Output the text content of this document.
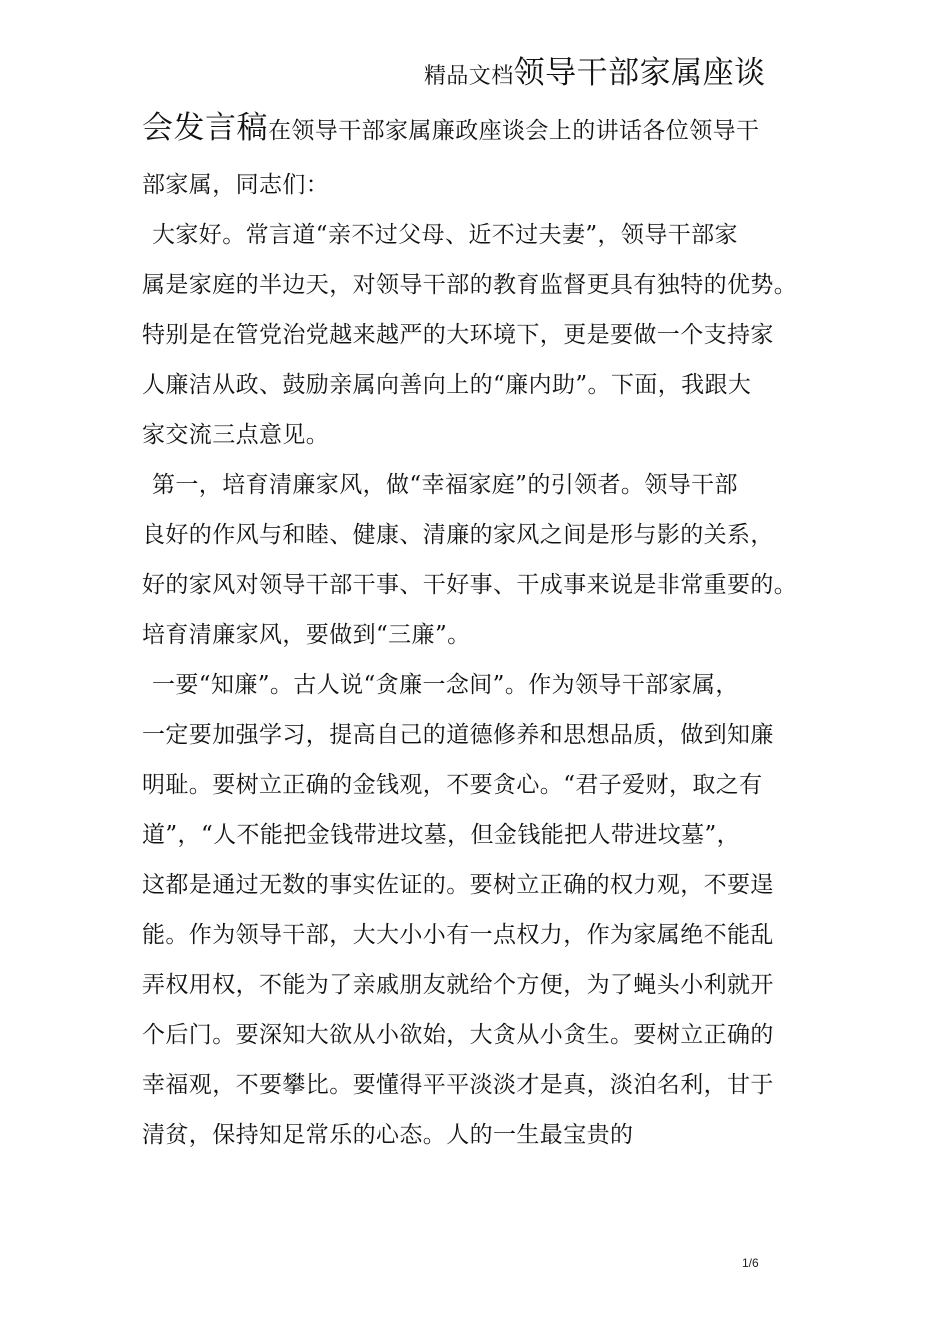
精品文档领导干部家属座谈
会发言稿在领导干部家属廉政座谈会上的讲话各位领导干
部家属，同志们：
大家好。常言道“亲不过父母、近不过夫妻”，领导干部家
属是家庭的半边天，对领导干部的教育监督更具有独特的优势。
特别是在管党治党越来越严的大环境下，更是要做一个支持家
人廉洁从政、鼓励亲属向善向上的“廉内助”。下面，我跟大
家交流三点意见。
第一，培育清廉家风，做“幸福家庭”的引领者。领导干部
良好的作风与和睦、健康、清廉的家风之间是形与影的关系，
好的家风对领导干部干事、干好事、干成事来说是非常重要的。
培育清廉家风，要做到“三廉”。
一要“知廉”。古人说“贪廉一念间”。作为领导干部家属，
一定要加强学习，提高自己的道德修养和思想品质，做到知廉
明耻。要树立正确的金钱观，不要贪心。“君子爱财，取之有
道”，“人不能把金钱带进坟墓，但金钱能把人带进坟墓”，
这都是通过无数的事实佐证的。要树立正确的权力观，不要逞
能。作为领导干部，大大小小有一点权力，作为家属绝不能乱
弄权用权，不能为了亲戚朋友就给个方便，为了蝇头小利就开
个后门。要深知大欲从小欲始，大贪从小贪生。要树立正确的
幸福观，不要攀比。要懂得平平淡淡才是真，淡泊名利，甘于
清贫，保持知足常乐的心态。人的一生最宝贵的
1/6
